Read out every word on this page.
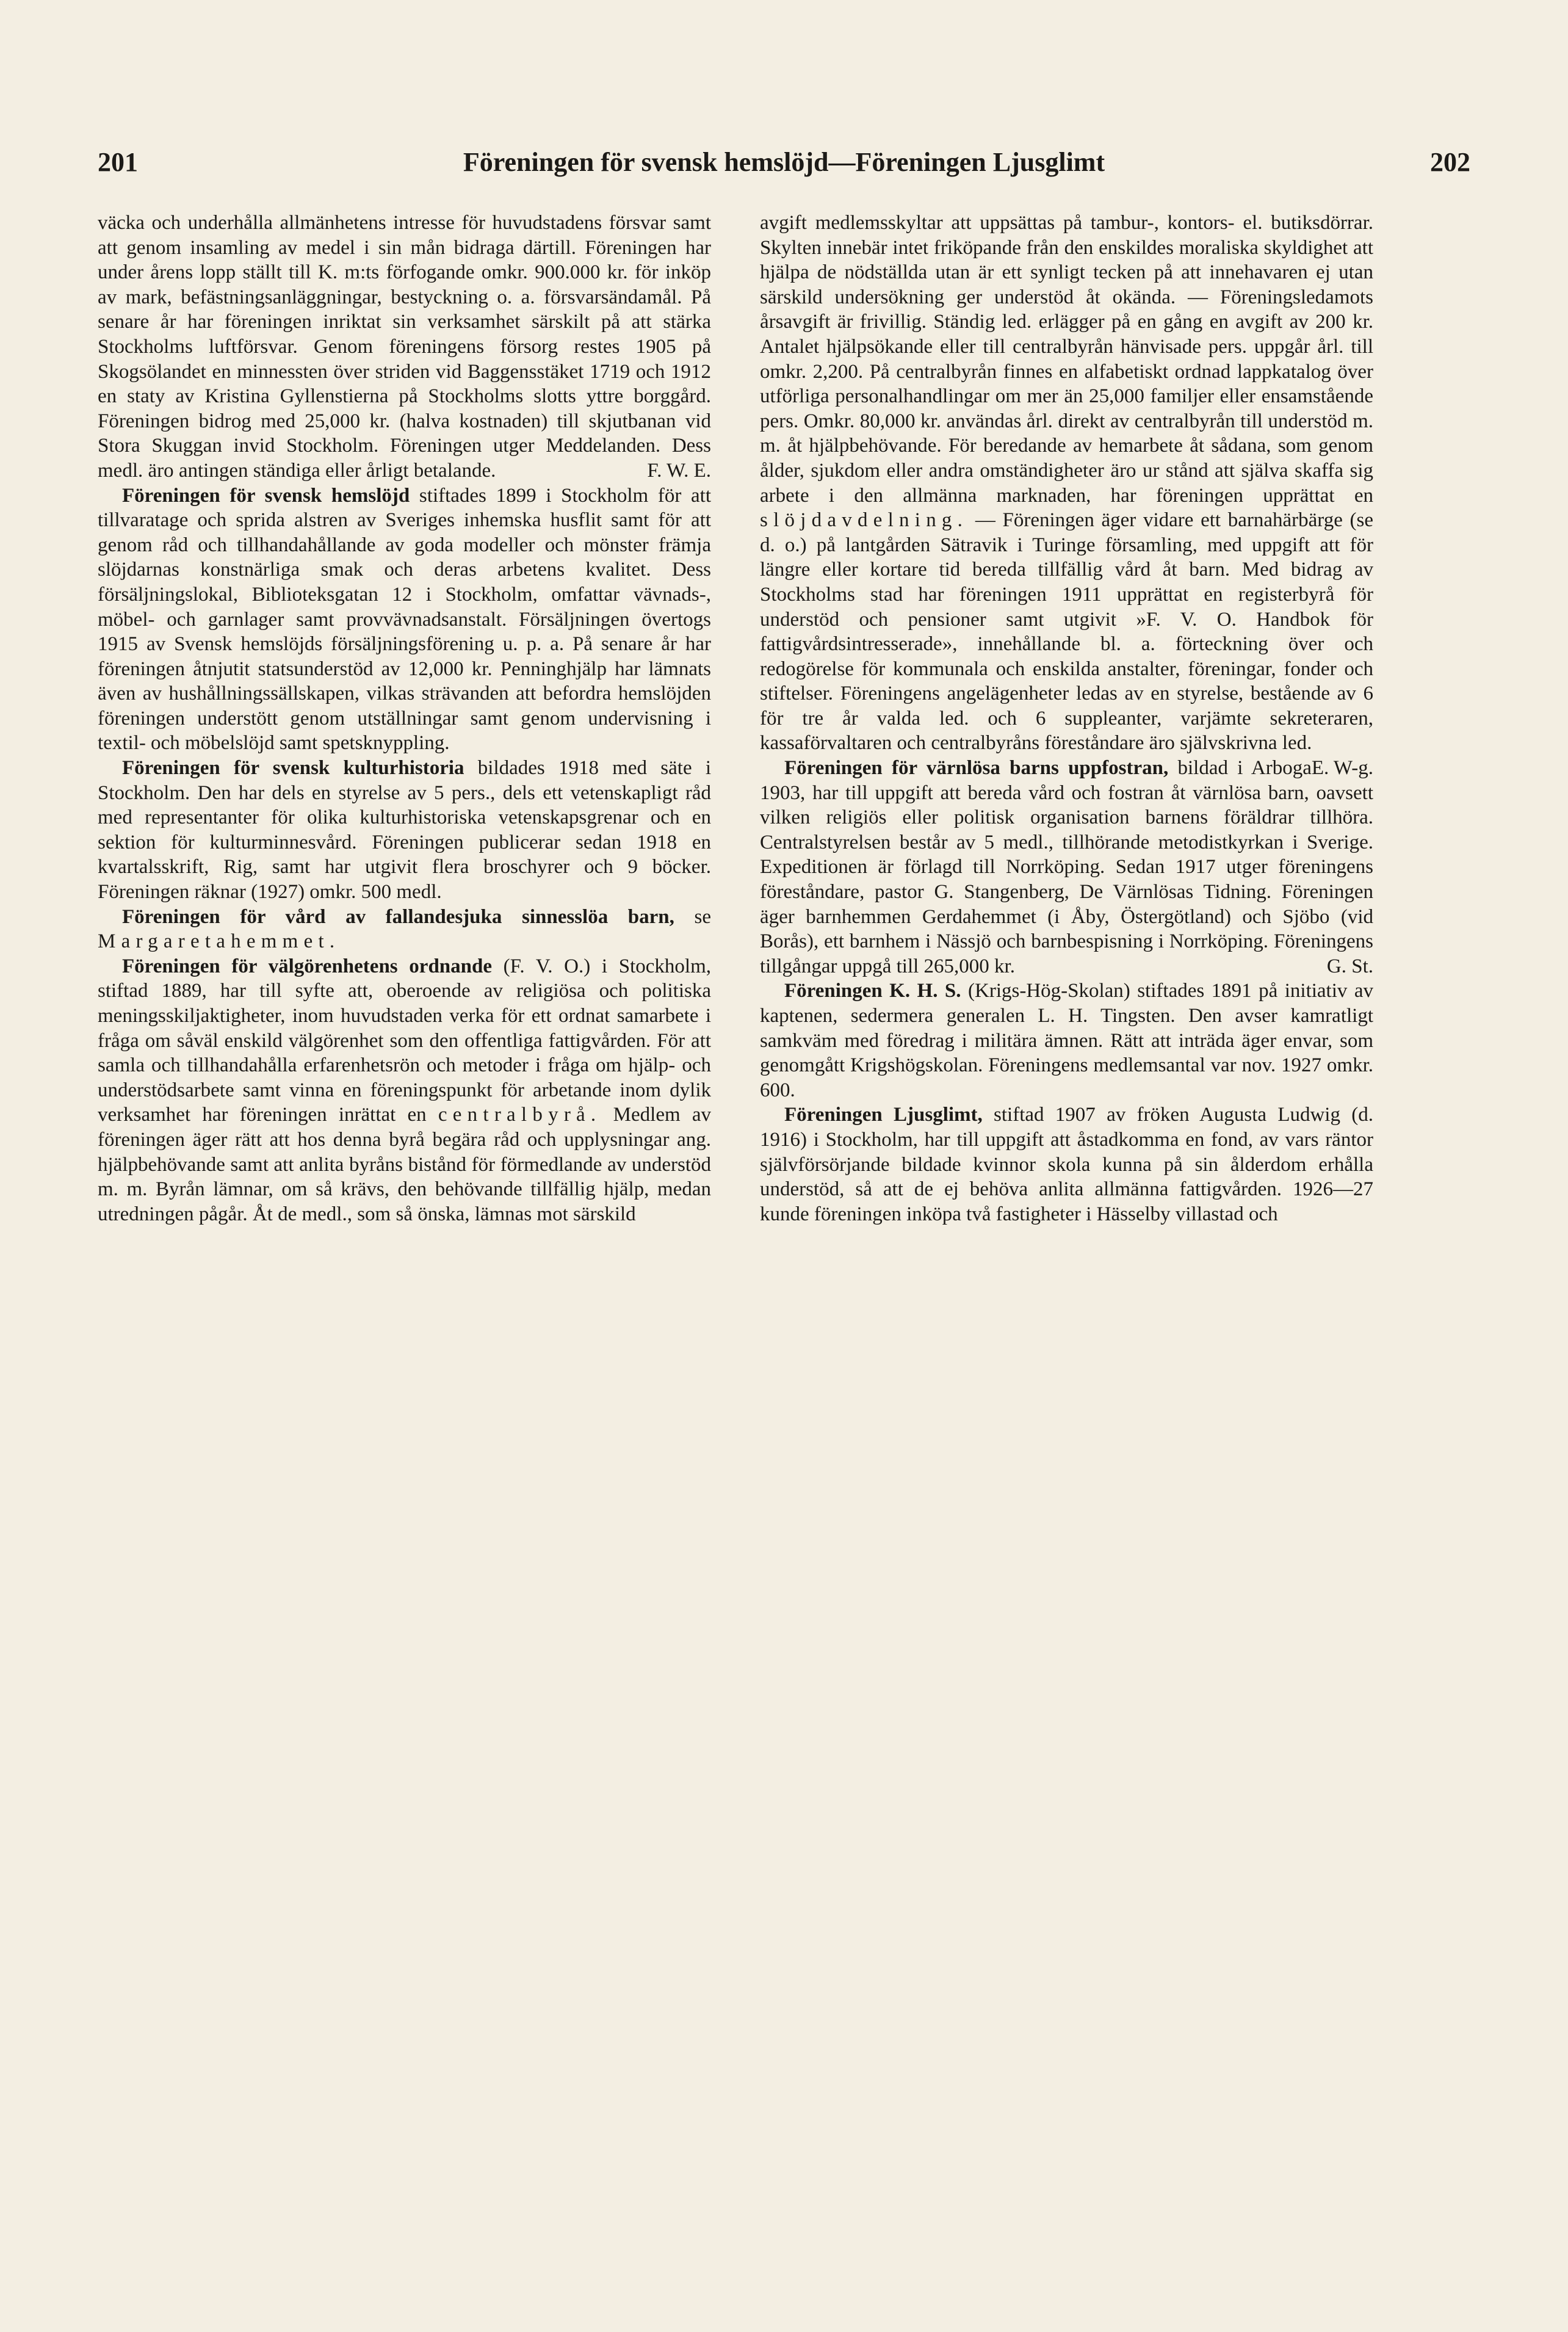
201	Föreningen för svensk hemslöjd—Föreningen Ljusglimt	202

väcka och underhålla allmänhetens intresse för huvudstadens försvar samt att genom insamling av medel i sin mån bidraga därtill. Föreningen har under årens lopp ställt till K. m:ts förfogande omkr. 900.000 kr. för inköp av mark, befästningsanläggningar, bestyckning o. a. försvarsändamål. På senare år har föreningen inriktat sin verksamhet särskilt på att stärka Stockholms luftförsvar. Genom föreningens försorg restes 1905 på Skogsölandet en minnessten över striden vid Baggensstäket 1719 och 1912 en staty av Kristina Gyllenstierna på Stockholms slotts yttre borggård. Föreningen bidrog med 25,000 kr. (halva kostnaden) till skjutbanan vid Stora Skuggan invid Stockholm. Föreningen utger Meddelanden. Dess medl. äro antingen ständiga eller årligt betalande.	F. W. E.

Föreningen för svensk hemslöjd stiftades 1899 i Stockholm för att tillvaratage och sprida alstren av Sveriges inhemska husflit samt för att genom råd och tillhandahållande av goda modeller och mönster främja slöjdarnas konstnärliga smak och deras arbetens kvalitet. Dess försäljningslokal, Biblioteksgatan 12 i Stockholm, omfattar vävnads-, möbel- och garnlager samt provvävnadsanstalt. Försäljningen övertogs 1915 av Svensk hemslöjds försäljningsförening u. p. a. På senare år har föreningen åtnjutit statsunderstöd av 12,000 kr. Penninghjälp har lämnats även av hushållningssällskapen, vilkas strävanden att befordra hemslöjden föreningen understött genom utställningar samt genom undervisning i textil- och möbelslöjd samt spetsknyppling.

Föreningen för svensk kulturhistoria bildades 1918 med säte i Stockholm. Den har dels en styrelse av 5 pers., dels ett vetenskapligt råd med representanter för olika kulturhistoriska vetenskapsgrenar och en sektion för kulturminnesvård. Föreningen publicerar sedan 1918 en kvartalsskrift, Rig, samt har utgivit flera broschyrer och 9 böcker. Föreningen räknar (1927) omkr. 500 medl.

Föreningen för vård av fallandesjuka sinnesslöa barn, se Margaretahemmet.

Föreningen för välgörenhetens ordnande (F. V. O.) i Stockholm, stiftad 1889, har till syfte att, oberoende av religiösa och politiska meningsskiljaktigheter, inom huvudstaden verka för ett ordnat samarbete i fråga om såväl enskild välgörenhet som den offentliga fattigvården. För att samla och tillhandahålla erfarenhetsrön och metoder i fråga om hjälp- och understödsarbete samt vinna en föreningspunkt för arbetande inom dylik verksamhet har föreningen inrättat en centralbyrå. Medlem av föreningen äger rätt att hos denna byrå begära råd och upplysningar ang. hjälpbehövande samt att anlita byråns bistånd för förmedlande av understöd m. m. Byrån lämnar, om så krävs, den behövande tillfällig hjälp, medan utredningen pågår. Åt de medl., som så önska, lämnas mot särskild

avgift medlemsskyltar att uppsättas på tambur-, kontors- el. butiksdörrar. Skylten innebär intet friköpande från den enskildes moraliska skyldighet att hjälpa de nödställda utan är ett synligt tecken på att innehavaren ej utan särskild undersökning ger understöd åt okända. — Föreningsledamots årsavgift är frivillig. Ständig led. erlägger på en gång en avgift av 200 kr. Antalet hjälpsökande eller till centralbyrån hänvisade pers. uppgår årl. till omkr. 2,200. På centralbyrån finnes en alfabetiskt ordnad lappkatalog över utförliga personalhandlingar om mer än 25,000 familjer eller ensamstående pers. Omkr. 80,000 kr. användas årl. direkt av centralbyrån till understöd m. m. åt hjälpbehövande. För beredande av hemarbete åt sådana, som genom ålder, sjukdom eller andra omständigheter äro ur stånd att själva skaffa sig arbete i den allmänna marknaden, har föreningen upprättat en slöjdavdelning. — Föreningen äger vidare ett barnahärbärge (se d. o.) på lantgården Sätravik i Turinge församling, med uppgift att för längre eller kortare tid bereda tillfällig vård åt barn. Med bidrag av Stockholms stad har föreningen 1911 upprättat en registerbyrå för understöd och pensioner samt utgivit »F. V. O. Handbok för fattigvårdsintresserade», innehållande bl. a. förteckning över och redogörelse för kommunala och enskilda anstalter, föreningar, fonder och stiftelser. Föreningens angelägenheter ledas av en styrelse, bestående av 6 för tre år valda led. och 6 suppleanter, varjämte sekreteraren, kassaförvaltaren och centralbyråns föreståndare äro självskrivna led.
E. W-g.

Föreningen för värnlösa barns uppfostran, bildad i Arboga 1903, har till uppgift att bereda vård och fostran åt värnlösa barn, oavsett vilken religiös eller politisk organisation barnens föräldrar tillhöra. Centralstyrelsen består av 5 medl., tillhörande metodistkyrkan i Sverige. Expeditionen är förlagd till Norrköping. Sedan 1917 utger föreningens föreståndare, pastor G. Stangenberg, De Värnlösas Tidning. Föreningen äger barnhemmen Gerdahemmet (i Åby, Östergötland) och Sjöbo (vid Borås), ett barnhem i Nässjö och barnbespisning i Norrköping. Föreningens tillgångar uppgå till 265,000 kr.	G. St.

Föreningen K. H. S. (Krigs-Hög-Skolan) stiftades 1891 på initiativ av kaptenen, sedermera generalen L. H. Tingsten. Den avser kamratligt samkväm med föredrag i militära ämnen. Rätt att inträda äger envar, som genomgått Krigshögskolan. Föreningens medlemsantal var nov. 1927 omkr. 600.

Föreningen Ljusglimt, stiftad 1907 av fröken Augusta Ludwig (d. 1916) i Stockholm, har till uppgift att åstadkomma en fond, av vars räntor självförsörjande bildade kvinnor skola kunna på sin ålderdom erhålla understöd, så att de ej behöva anlita allmänna fattigvården. 1926—27 kunde föreningen inköpa två fastigheter i Hässelby villastad och
